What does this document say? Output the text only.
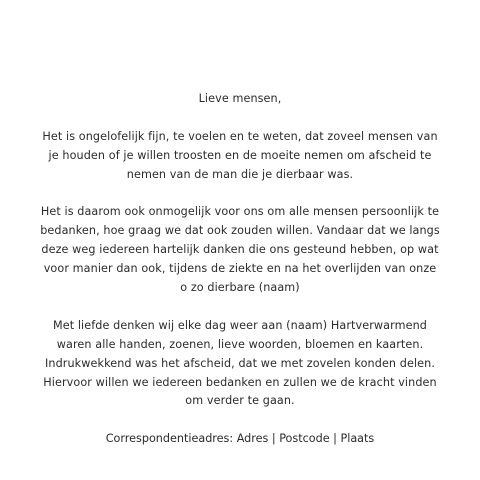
Lieve mensen,

Het is ongelofelijk fijn, te voelen en te weten, dat zoveel mensen van je houden of je willen troosten en de moeite nemen om afscheid te nemen van de man die je dierbaar was.

Het is daarom ook onmogelijk voor ons om alle mensen persoonlijk te bedanken, hoe graag we dat ook zouden willen. Vandaar dat we langs deze weg iedereen hartelijk danken die ons gesteund hebben, op wat voor manier dan ook, tijdens de ziekte en na het overlijden van onze o zo dierbare (naam)

Met liefde denken wij elke dag weer aan (naam) Hartverwarmend waren alle handen, zoenen, lieve woorden, bloemen en kaarten. Indrukwekkend was het afscheid, dat we met zovelen konden delen. Hiervoor willen we iedereen bedanken en zullen we de kracht vinden om verder te gaan.

Correspondentieadres: Adres | Postcode | Plaats
